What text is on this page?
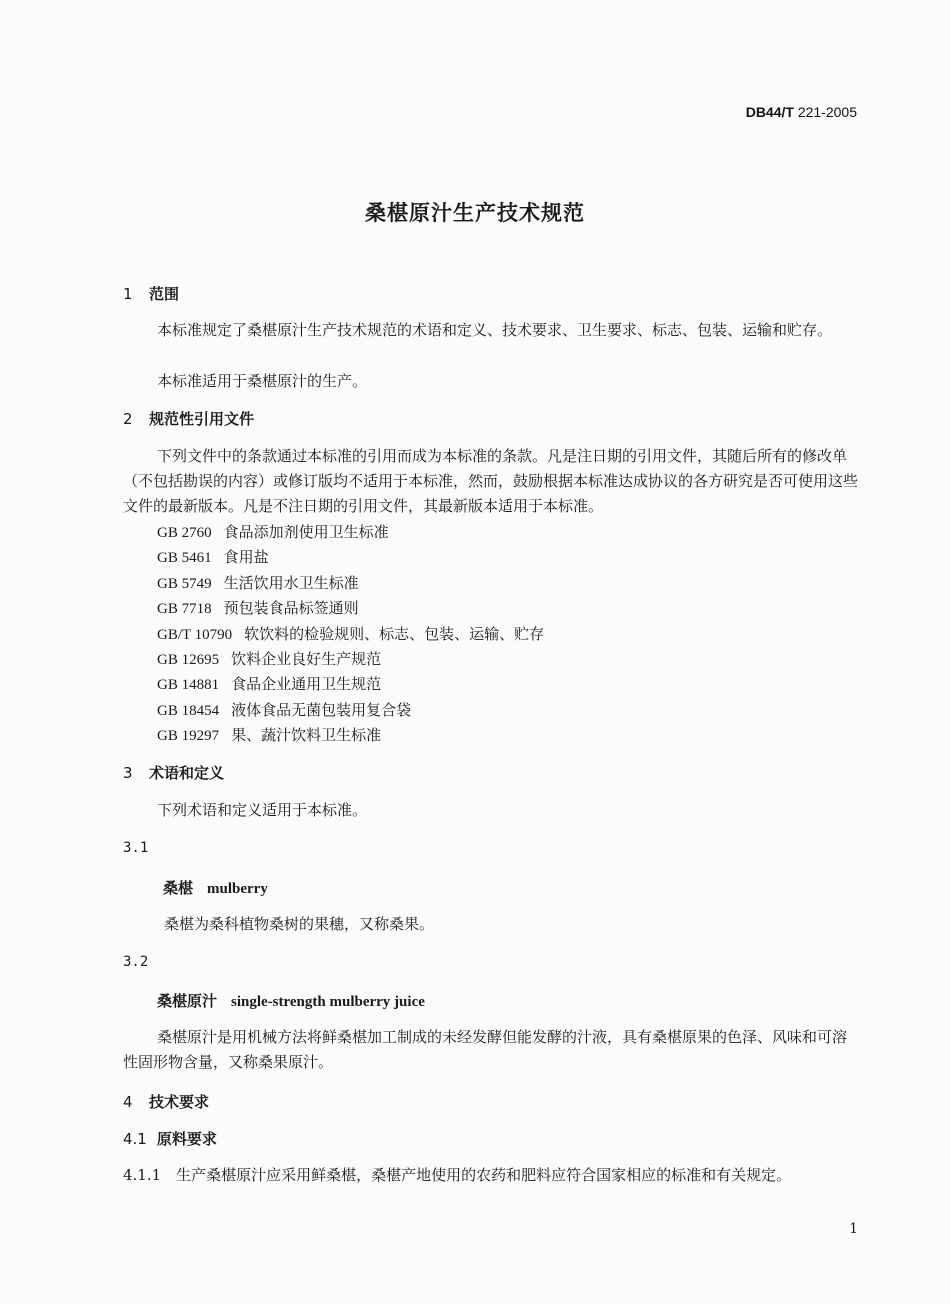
DB44/T 221-2005
桑椹原汁生产技术规范
1 范围
本标准规定了桑椹原汁生产技术规范的术语和定义、技术要求、卫生要求、标志、包装、运输和贮存。
本标准适用于桑椹原汁的生产。
2 规范性引用文件
下列文件中的条款通过本标准的引用而成为本标准的条款。凡是注日期的引用文件，其随后所有的修改单（不包括勘误的内容）或修订版均不适用于本标准，然而，鼓励根据本标准达成协议的各方研究是否可使用这些文件的最新版本。凡是不注日期的引用文件，其最新版本适用于本标准。
GB 2760 食品添加剂使用卫生标准
GB 5461 食用盐
GB 5749 生活饮用水卫生标准
GB 7718 预包装食品标签通则
GB/T 10790 软饮料的检验规则、标志、包装、运输、贮存
GB 12695 饮料企业良好生产规范
GB 14881 食品企业通用卫生规范
GB 18454 液体食品无菌包装用复合袋
GB 19297 果、蔬汁饮料卫生标准
3 术语和定义
下列术语和定义适用于本标准。
3.1
桑椹 mulberry
桑椹为桑科植物桑树的果穗，又称桑果。
3.2
桑椹原汁 single-strength mulberry juice
桑椹原汁是用机械方法将鲜桑椹加工制成的未经发酵但能发酵的汁液，具有桑椹原果的色泽、风味和可溶性固形物含量，又称桑果原汁。
4 技术要求
4.1 原料要求
4.1.1　生产桑椹原汁应采用鲜桑椹，桑椹产地使用的农药和肥料应符合国家相应的标准和有关规定。
1
